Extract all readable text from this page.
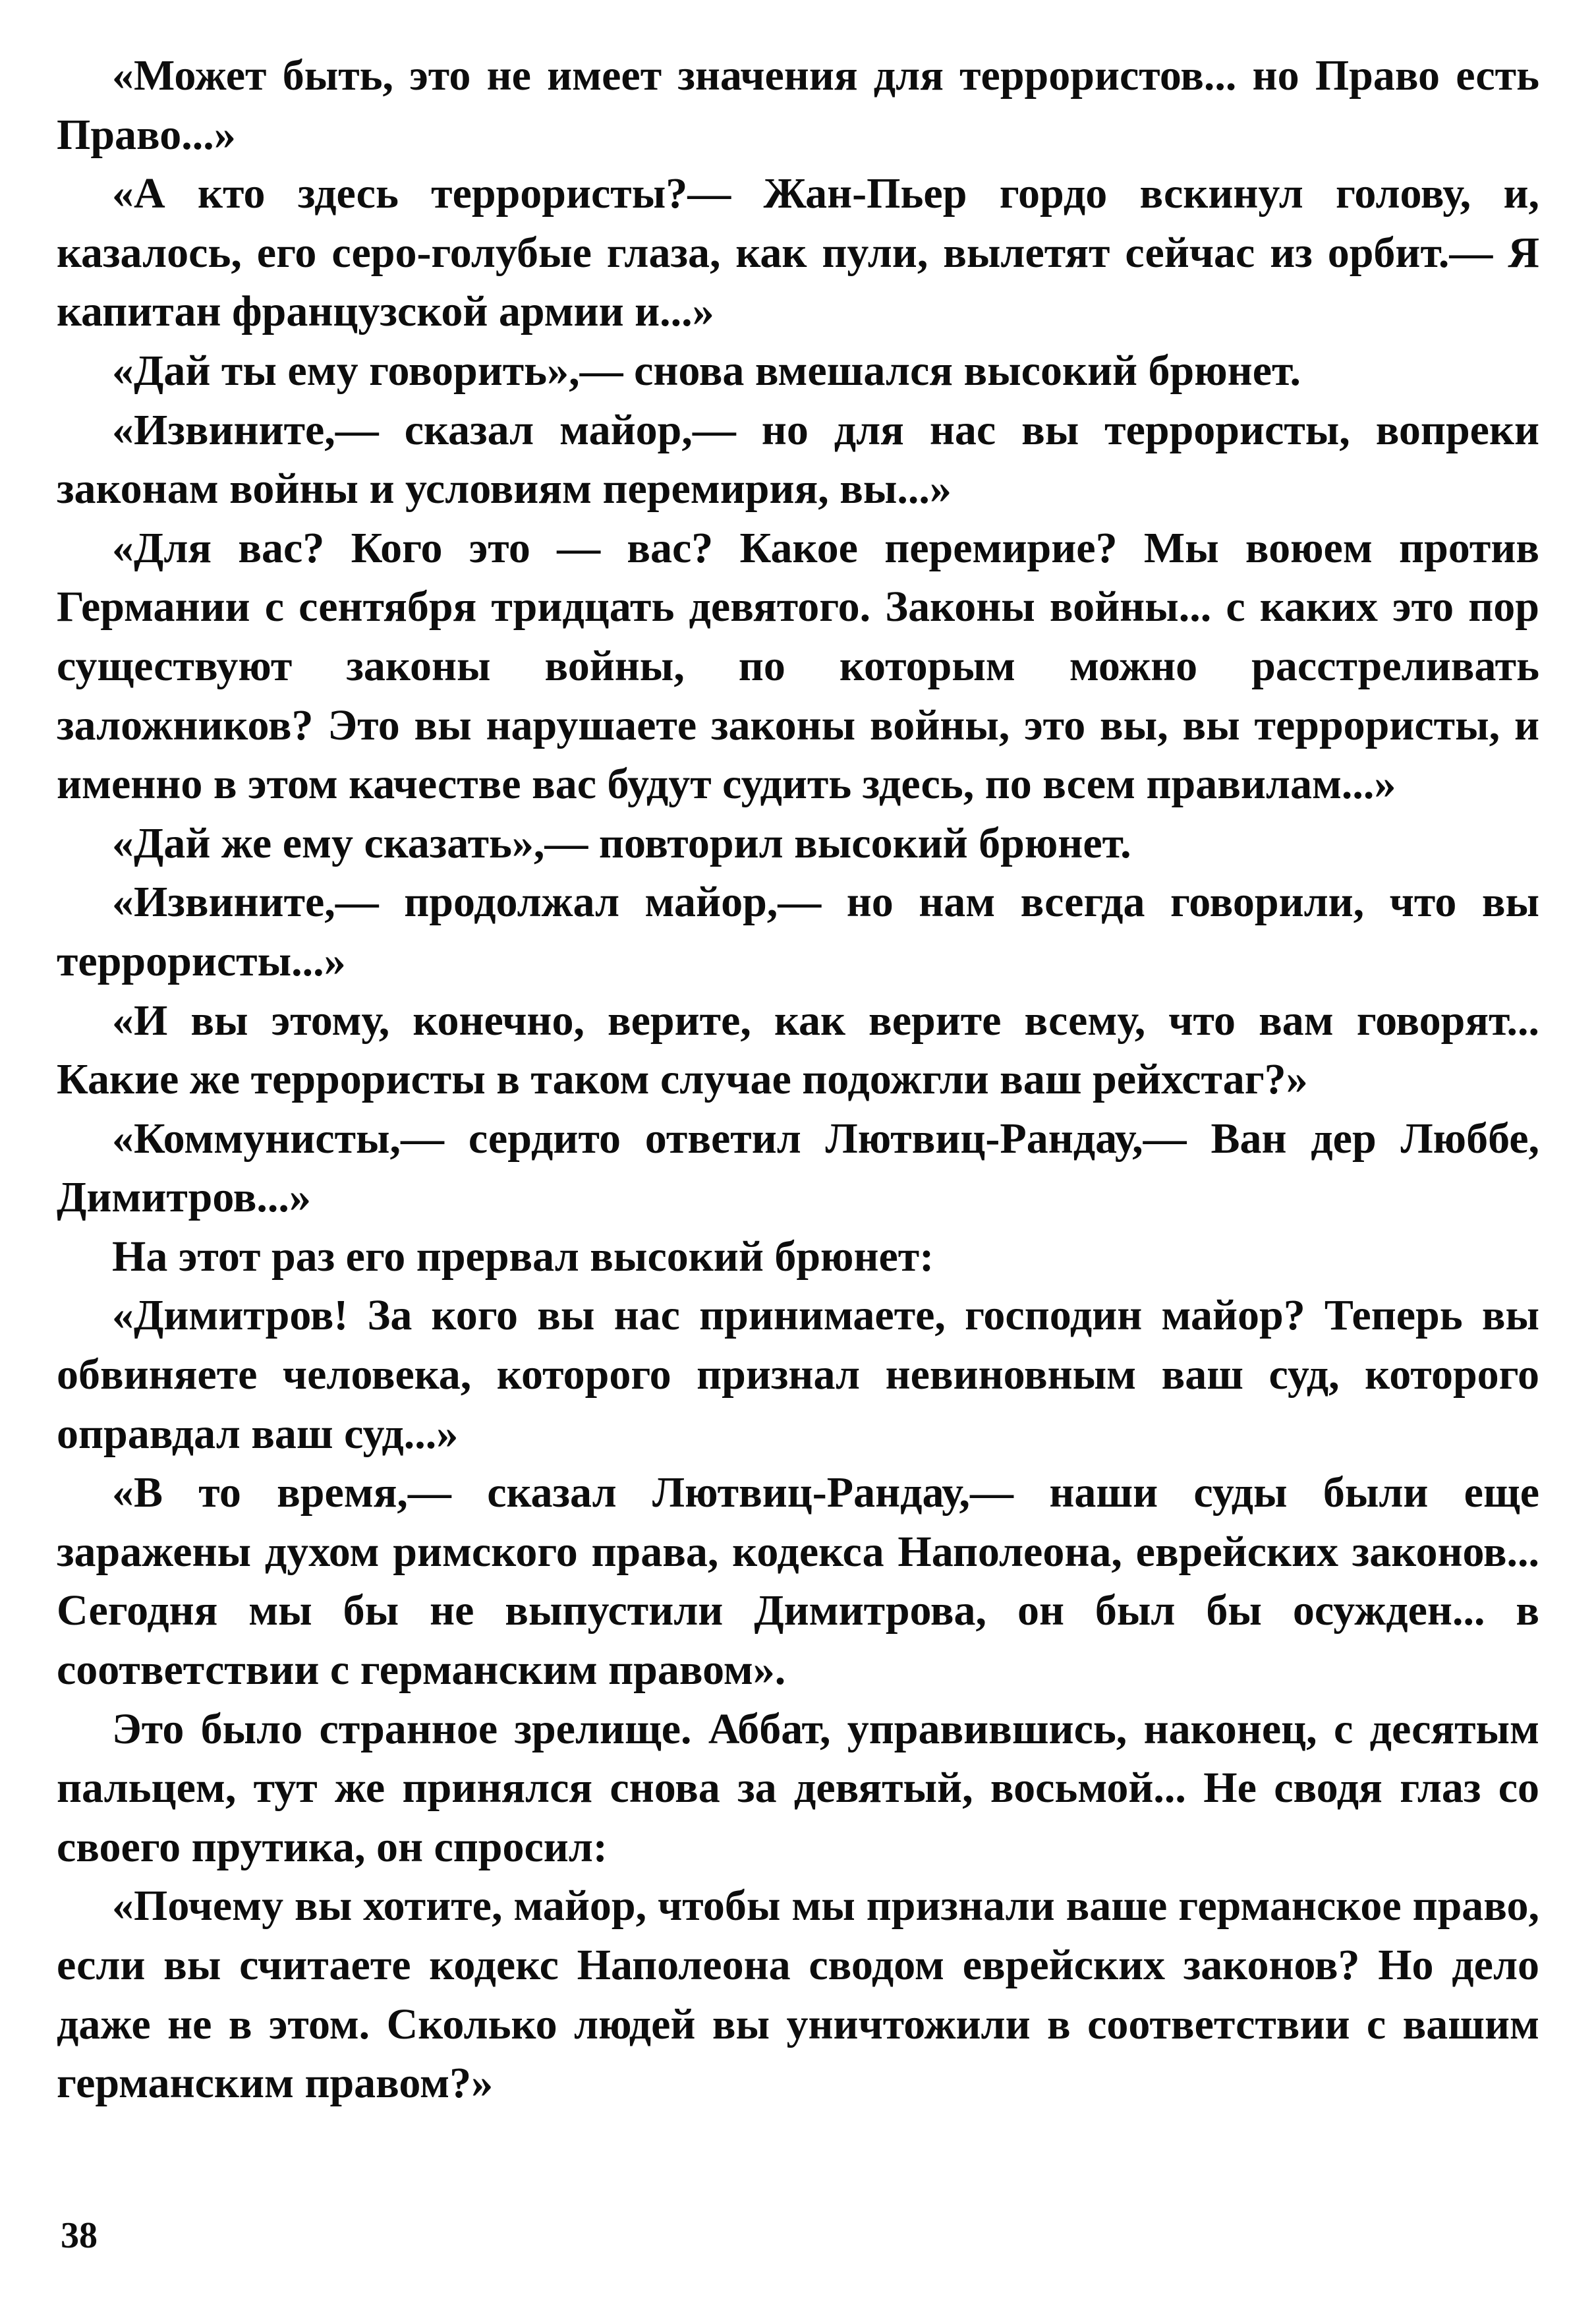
«Может быть, это не имеет значения для террористов... но Право есть Право...»

«А кто здесь террористы?— Жан-Пьер гордо вскинул голову, и, казалось, его серо-голубые глаза, как пули, вылетят сейчас из орбит.— Я капитан французской армии и...»

«Дай ты ему говорить»,— снова вмешался высокий брюнет.

«Извините,— сказал майор,— но для нас вы террористы, вопреки законам войны и условиям перемирия, вы...»

«Для вас? Кого это — вас? Какое перемирие? Мы воюем против Германии с сентября тридцать девятого. Законы войны... с каких это пор существуют законы войны, по которым можно расстреливать заложников? Это вы нарушаете законы войны, это вы, вы террористы, и именно в этом качестве вас будут судить здесь, по всем правилам...»

«Дай же ему сказать»,— повторил высокий брюнет.

«Извините,— продолжал майор,— но нам всегда говорили, что вы террористы...»

«И вы этому, конечно, верите, как верите всему, что вам говорят... Какие же террористы в таком случае подожгли ваш рейхстаг?»

«Коммунисты,— сердито ответил Лютвиц-Рандау,— Ван дер Люббе, Димитров...»

На этот раз его прервал высокий брюнет:

«Димитров! За кого вы нас принимаете, господин майор? Теперь вы обвиняете человека, которого признал невиновным ваш суд, которого оправдал ваш суд...»

«В то время,— сказал Лютвиц-Рандау,— наши суды были еще заражены духом римского права, кодекса Наполеона, еврейских законов... Сегодня мы бы не выпустили Димитрова, он был бы осужден... в соответствии с германским правом».

Это было странное зрелище. Аббат, управившись, наконец, с десятым пальцем, тут же принялся снова за девятый, восьмой... Не сводя глаз со своего прутика, он спросил:

«Почему вы хотите, майор, чтобы мы признали ваше германское право, если вы считаете кодекс Наполеона сводом еврейских законов? Но дело даже не в этом. Сколько людей вы уничтожили в соответствии с вашим германским правом?»

38
